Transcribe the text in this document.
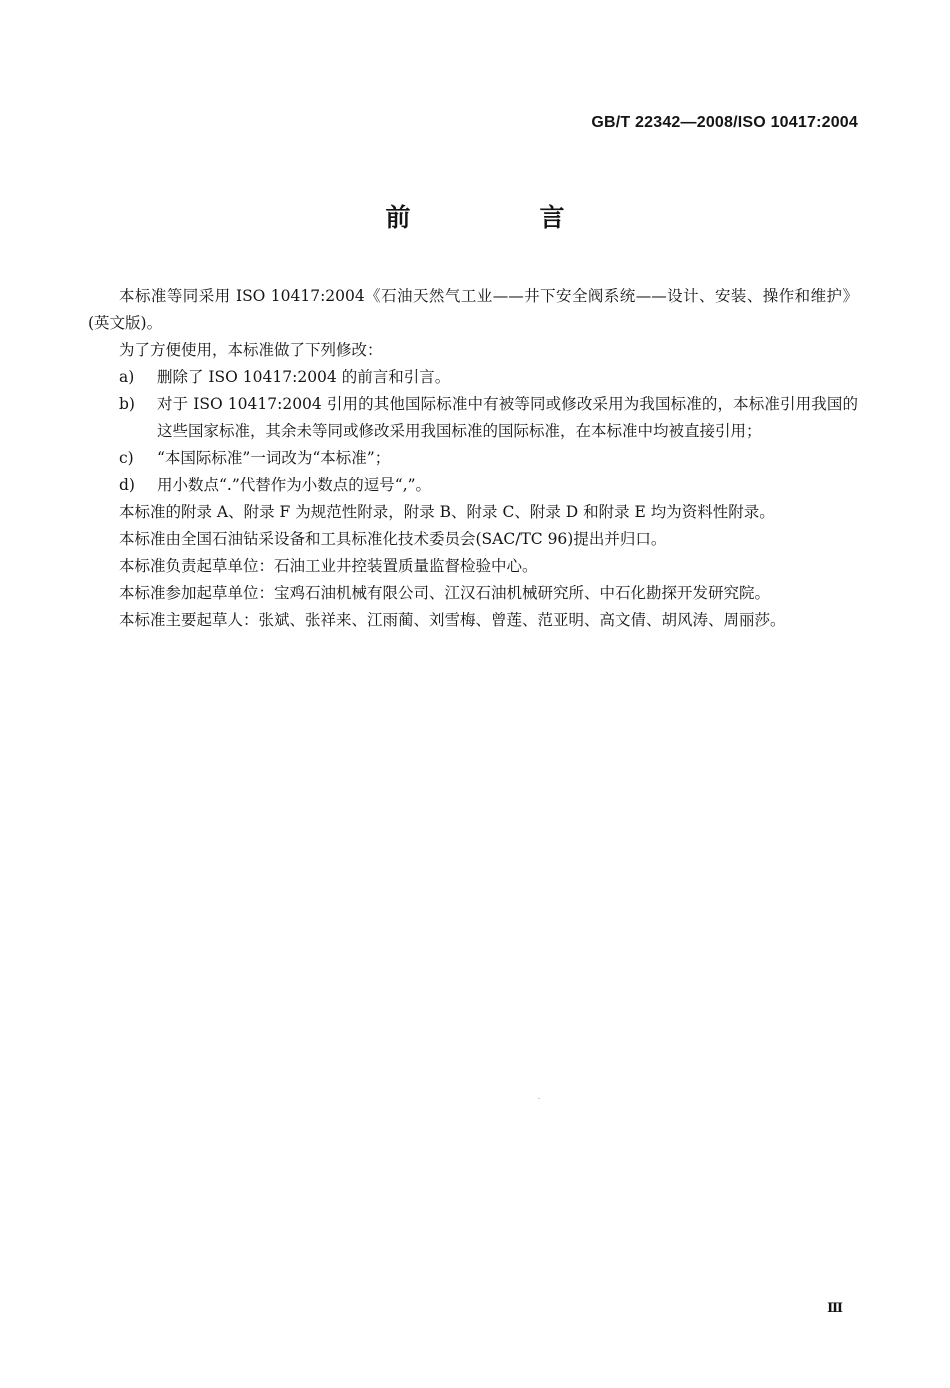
GB/T 22342—2008/ISO 10417:2004
前　言

本标准等同采用 ISO 10417:2004《石油天然气工业——井下安全阀系统——设计、安装、操作和维护》(英文版)。

为了方便使用，本标准做了下列修改：

a)	删除了 ISO 10417:2004 的前言和引言。
b)	对于 ISO 10417:2004 引用的其他国际标准中有被等同或修改采用为我国标准的，本标准引用我国的这些国家标准，其余未等同或修改采用我国标准的国际标准，在本标准中均被直接引用；
c)	“本国际标准”一词改为“本标准”；
d)	用小数点“.”代替作为小数点的逗号“,”。

本标准的附录 A、附录 F 为规范性附录，附录 B、附录 C、附录 D 和附录 E 均为资料性附录。

本标准由全国石油钻采设备和工具标准化技术委员会(SAC/TC 96)提出并归口。

本标准负责起草单位：石油工业井控装置质量监督检验中心。

本标准参加起草单位：宝鸡石油机械有限公司、江汉石油机械研究所、中石化勘探开发研究院。

本标准主要起草人：张斌、张祥来、江雨蔺、刘雪梅、曾莲、范亚明、高文倩、胡风涛、周丽莎。

Ⅲ
